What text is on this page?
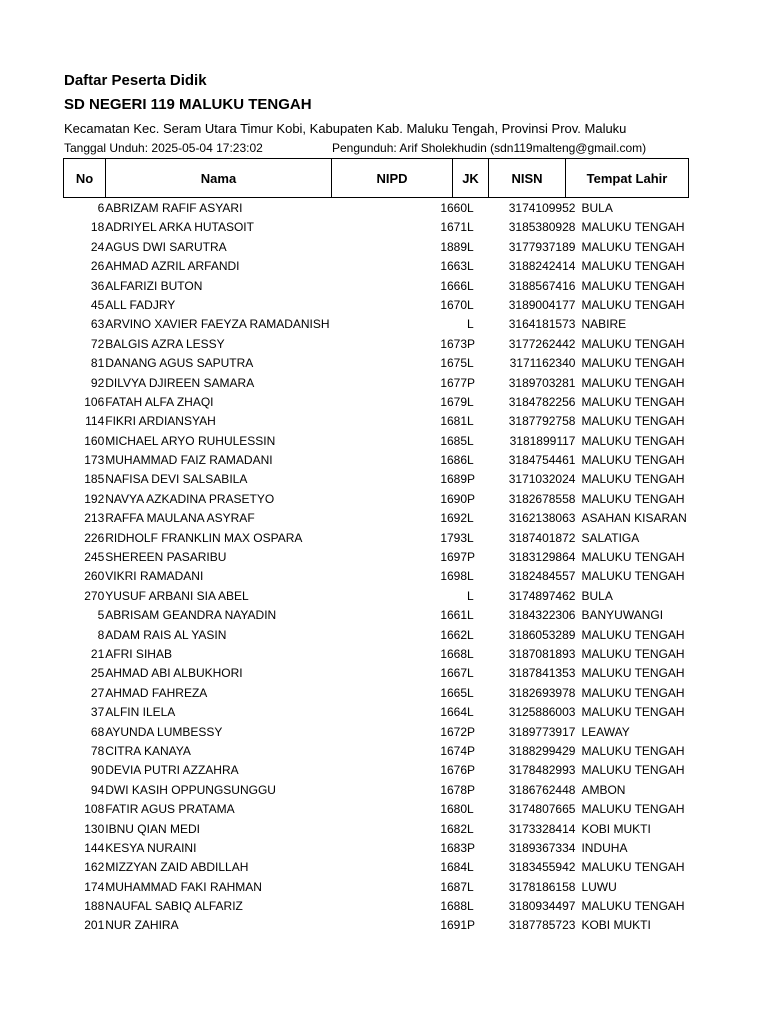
Daftar Peserta Didik
SD NEGERI 119 MALUKU TENGAH
Kecamatan Kec. Seram Utara Timur Kobi, Kabupaten Kab. Maluku Tengah, Provinsi Prov. Maluku
Tanggal Unduh: 2025-05-04 17:23:02	Pengunduh: Arif Sholekhudin (sdn119malteng@gmail.com)
No	Nama	NIPD	JK	NISN	Tempat Lahir
6 ABRIZAM RAFIF ASYARI	1660 L	3174109952 BULA
18 ADRIYEL ARKA HUTASOIT	1671 L	3185380928 MALUKU TENGAH
24 AGUS DWI SARUTRA	1889 L	3177937189 MALUKU TENGAH
26 AHMAD AZRIL ARFANDI	1663 L	3188242414 MALUKU TENGAH
36 ALFARIZI BUTON	1666 L	3188567416 MALUKU TENGAH
45 ALL FADJRY	1670 L	3189004177 MALUKU TENGAH
63 ARVINO XAVIER FAEYZA RAMADANISH	L	3164181573 NABIRE
72 BALGIS AZRA LESSY	1673 P	3177262442 MALUKU TENGAH
81 DANANG AGUS SAPUTRA	1675 L	3171162340 MALUKU TENGAH
92 DILVYA DJIREEN SAMARA	1677 P	3189703281 MALUKU TENGAH
106 FATAH ALFA ZHAQI	1679 L	3184782256 MALUKU TENGAH
114 FIKRI ARDIANSYAH	1681 L	3187792758 MALUKU TENGAH
160 MICHAEL ARYO RUHULESSIN	1685 L	3181899117 MALUKU TENGAH
173 MUHAMMAD FAIZ RAMADANI	1686 L	3184754461 MALUKU TENGAH
185 NAFISA DEVI SALSABILA	1689 P	3171032024 MALUKU TENGAH
192 NAVYA AZKADINA PRASETYO	1690 P	3182678558 MALUKU TENGAH
213 RAFFA MAULANA ASYRAF	1692 L	3162138063 ASAHAN KISARAN
226 RIDHOLF FRANKLIN MAX OSPARA	1793 L	3187401872 SALATIGA
245 SHEREEN PASARIBU	1697 P	3183129864 MALUKU TENGAH
260 VIKRI RAMADANI	1698 L	3182484557 MALUKU TENGAH
270 YUSUF ARBANI SIA ABEL	L	3174897462 BULA
5 ABRISAM GEANDRA NAYADIN	1661 L	3184322306 BANYUWANGI
8 ADAM RAIS AL YASIN	1662 L	3186053289 MALUKU TENGAH
21 AFRI SIHAB	1668 L	3187081893 MALUKU TENGAH
25 AHMAD ABI ALBUKHORI	1667 L	3187841353 MALUKU TENGAH
27 AHMAD FAHREZA	1665 L	3182693978 MALUKU TENGAH
37 ALFIN ILELA	1664 L	3125886003 MALUKU TENGAH
68 AYUNDA LUMBESSY	1672 P	3189773917 LEAWAY
78 CITRA KANAYA	1674 P	3188299429 MALUKU TENGAH
90 DEVIA PUTRI AZZAHRA	1676 P	3178482993 MALUKU TENGAH
94 DWI KASIH OPPUNGSUNGGU	1678 P	3186762448 AMBON
108 FATIR AGUS PRATAMA	1680 L	3174807665 MALUKU TENGAH
130 IBNU QIAN MEDI	1682 L	3173328414 KOBI MUKTI
144 KESYA NURAINI	1683 P	3189367334 INDUHA
162 MIZZYAN ZAID ABDILLAH	1684 L	3183455942 MALUKU TENGAH
174 MUHAMMAD FAKI RAHMAN	1687 L	3178186158 LUWU
188 NAUFAL SABIQ ALFARIZ	1688 L	3180934497 MALUKU TENGAH
201 NUR ZAHIRA	1691 P	3187785723 KOBI MUKTI
